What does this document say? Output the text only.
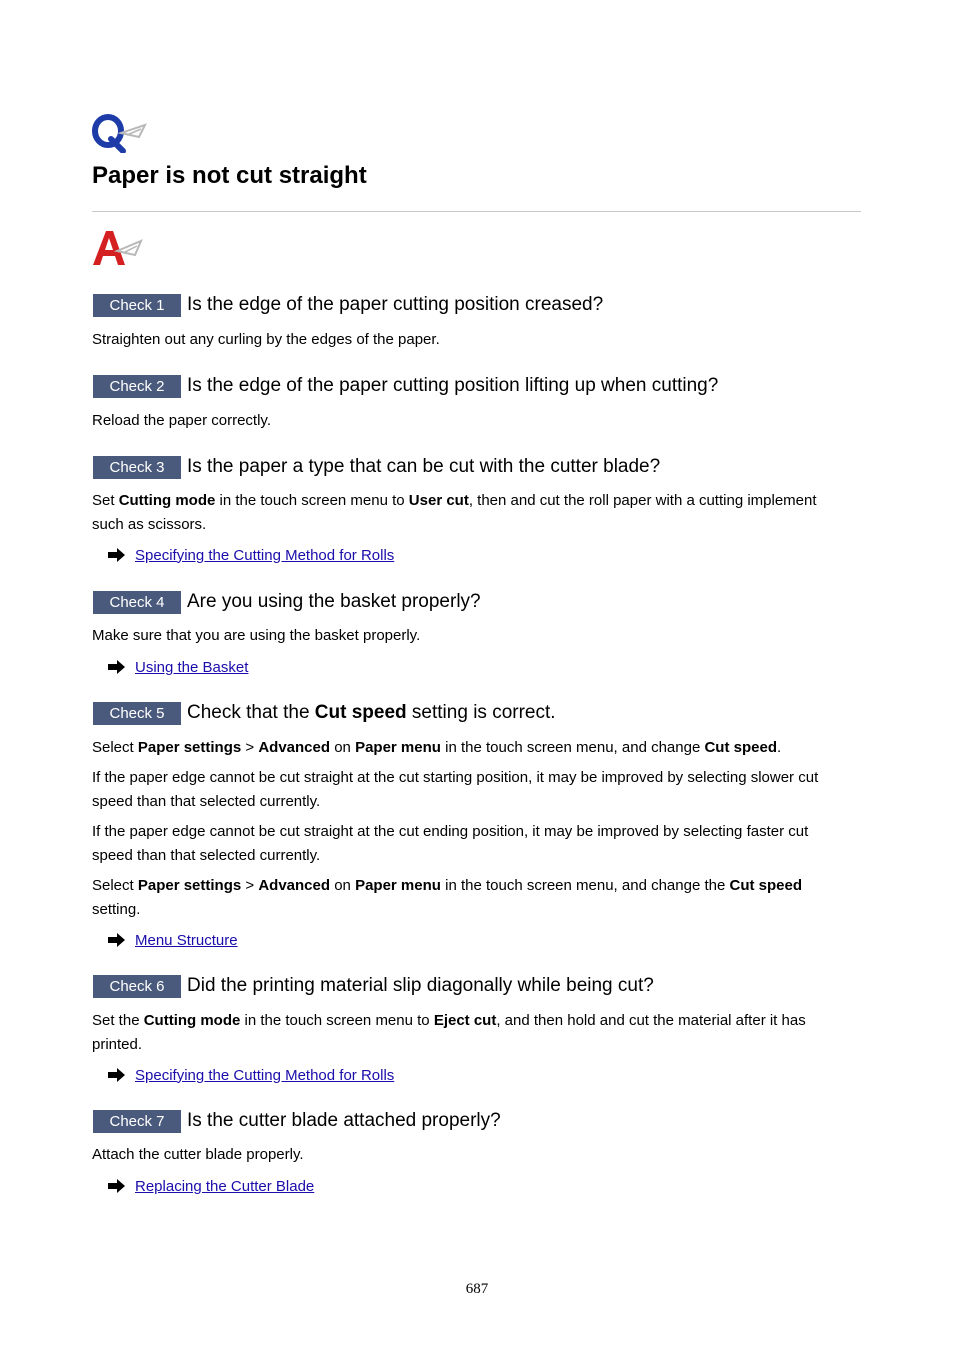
Paper is not cut straight
Check 1	Is the edge of the paper cutting position creased?
Straighten out any curling by the edges of the paper.
Check 2	Is the edge of the paper cutting position lifting up when cutting?
Reload the paper correctly.
Check 3	Is the paper a type that can be cut with the cutter blade?
Set Cutting mode in the touch screen menu to User cut, then and cut the roll paper with a cutting implement such as scissors.
Specifying the Cutting Method for Rolls
Check 4	Are you using the basket properly?
Make sure that you are using the basket properly.
Using the Basket
Check 5	Check that the Cut speed setting is correct.
Select Paper settings > Advanced on Paper menu in the touch screen menu, and change Cut speed.
If the paper edge cannot be cut straight at the cut starting position, it may be improved by selecting slower cut speed than that selected currently.
If the paper edge cannot be cut straight at the cut ending position, it may be improved by selecting faster cut speed than that selected currently.
Select Paper settings > Advanced on Paper menu in the touch screen menu, and change the Cut speed setting.
Menu Structure
Check 6	Did the printing material slip diagonally while being cut?
Set the Cutting mode in the touch screen menu to Eject cut, and then hold and cut the material after it has printed.
Specifying the Cutting Method for Rolls
Check 7	Is the cutter blade attached properly?
Attach the cutter blade properly.
Replacing the Cutter Blade
687
